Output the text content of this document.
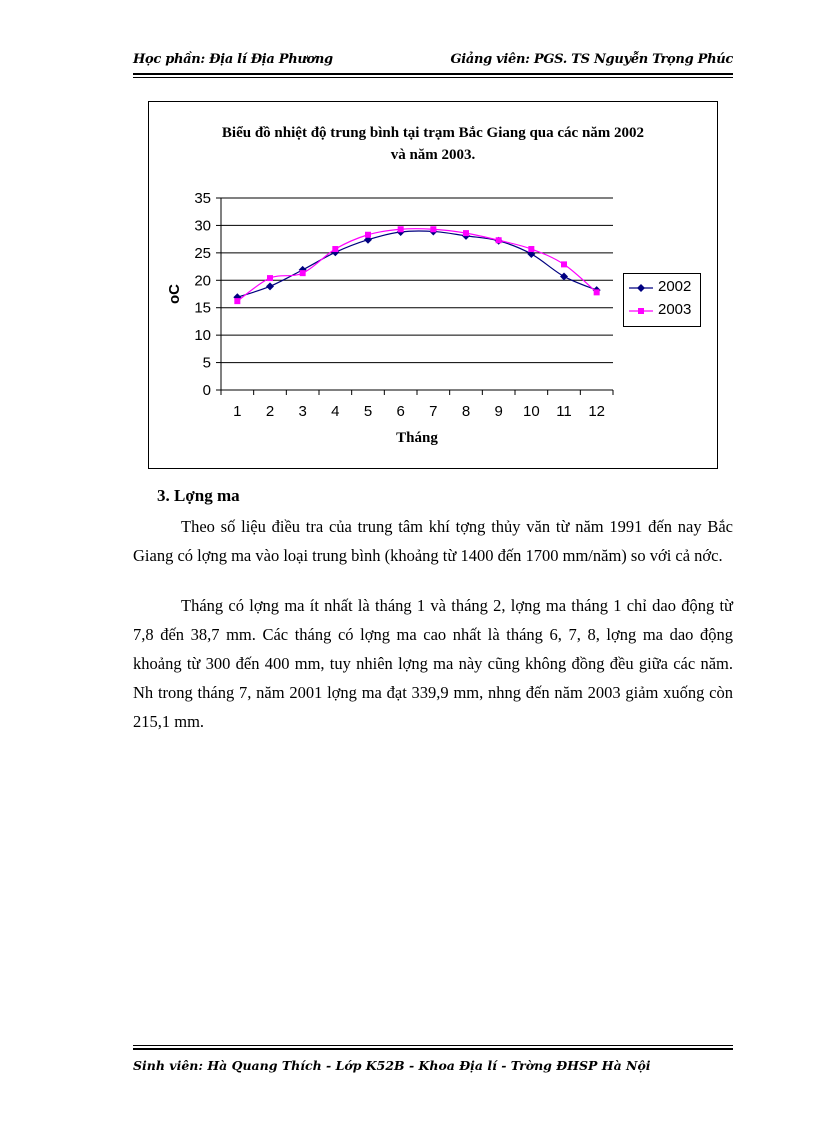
Học phần: Địa lí Địa Phương	Giảng viên: PGS. TS Nguyễn Trọng Phúc
Biểu đồ nhiệt độ trung bình tại trạm Bắc Giang qua các năm 2002
và năm 2003.
0
5
10
15
20
25
30
35
1 2 3 4 5 6 7 8 9 10 11 12
Tháng
oC	2002
2003
3. Lợng ma

Theo số liệu điều tra của trung tâm khí tợng thủy văn từ năm 1991 đến nay Bắc Giang có lợng ma vào loại trung bình (khoảng từ 1400 đến 1700 mm/năm) so với cả nớc.

Tháng có lợng ma ít nhất là tháng 1 và tháng 2, lợng ma tháng 1 chỉ dao động từ 7,8 đến 38,7 mm. Các tháng có lợng ma cao nhất là tháng 6, 7, 8, lợng ma dao động khoảng từ 300 đến 400 mm, tuy nhiên lợng ma này cũng không đồng đều giữa các năm. Nh trong tháng 7, năm 2001 lợng ma đạt 339,9 mm, nhng đến năm 2003 giảm xuống còn 215,1 mm.

Sinh viên: Hà Quang Thích - Lớp K52B - Khoa Địa lí - Trờng ĐHSP Hà Nội
